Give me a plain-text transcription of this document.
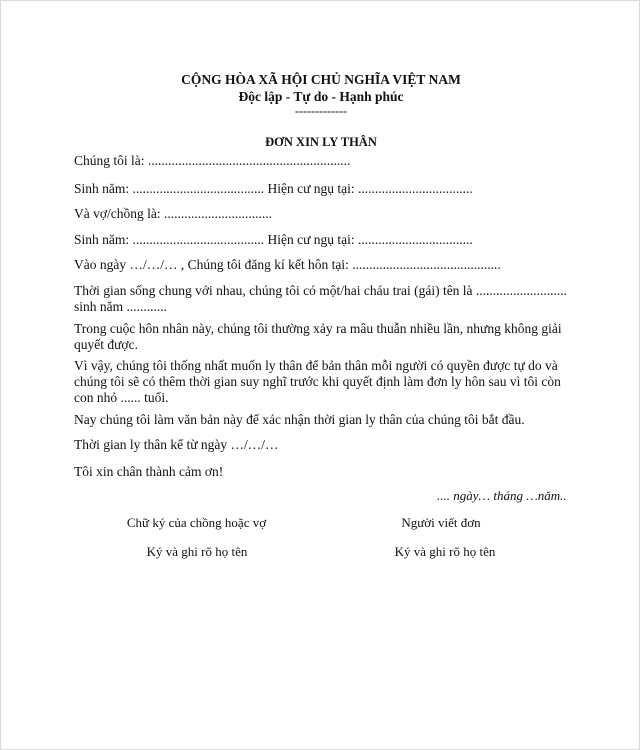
CỘNG HÒA XÃ HỘI CHỦ NGHĨA VIỆT NAM
Độc lập - Tự do - Hạnh phúc
-------------
ĐƠN XIN LY THÂN
Chúng tôi là: ............................................................
Sinh năm: ....................................... Hiện cư ngụ tại: ..................................
Và vợ/chồng là: ................................
Sinh năm: ....................................... Hiện cư ngụ tại: ..................................
Vào ngày …/…/… , Chúng tôi đăng kí kết hôn tại: ............................................
Thời gian sống chung với nhau, chúng tôi có một/hai cháu trai (gái) tên là ........................... sinh năm ............
Trong cuộc hôn nhân này, chúng tôi thường xảy ra mâu thuẫn nhiều lần, nhưng không giải quyết được.
Vì vậy, chúng tôi thống nhất muốn ly thân để bản thân mỗi người có quyền được tự do và chúng tôi sẽ có thêm thời gian suy nghĩ trước khi quyết định làm đơn ly hôn sau vì tôi còn con nhỏ ...... tuổi.
Nay chúng tôi làm văn bản này để xác nhận thời gian ly thân của chúng tôi bắt đầu.
Thời gian ly thân kể từ ngày …/…/…
Tôi xin chân thành cảm ơn!
.... ngày… tháng …năm..
Chữ ký của chồng hoặc vợ	Người viết đơn
Ký và ghi rõ họ tên	Ký và ghi rõ họ tên
